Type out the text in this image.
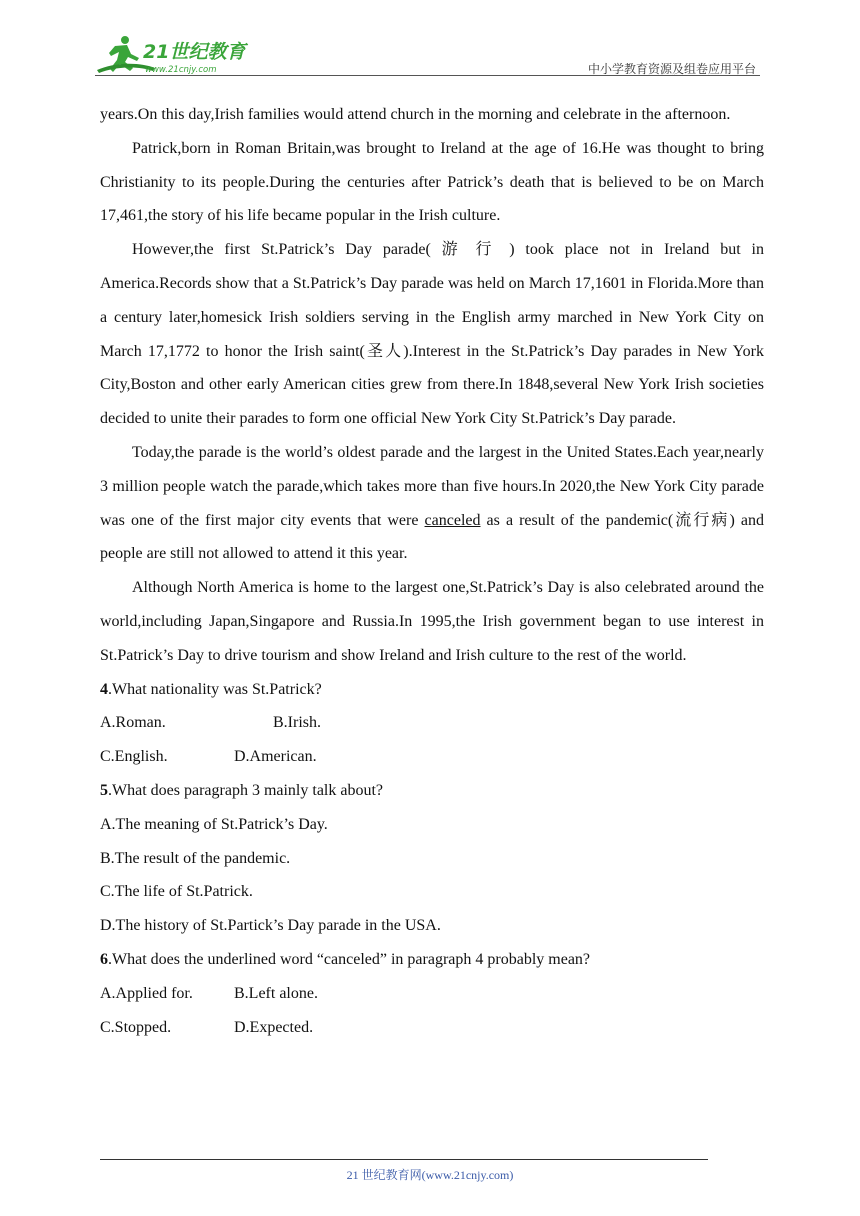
21世纪教育
www.21cnjy.com	中小学教育资源及组卷应用平台

years.On this day,Irish families would attend church in the morning and celebrate in the afternoon.

Patrick,born in Roman Britain,was brought to Ireland at the age of 16.He was thought to bring Christianity to its people.During the centuries after Patrick’s death that is believed to be on March 17,461,the story of his life became popular in the Irish culture.

However,the first St.Patrick’s Day parade( 游 行 ) took place not in Ireland but in America.Records show that a St.Patrick’s Day parade was held on March 17,1601 in Florida.More than a century later,homesick Irish soldiers serving in the English army marched in New York City on March 17,1772 to honor the Irish saint(圣人).Interest in the St.Patrick’s Day parades in New York City,Boston and other early American cities grew from there.In 1848,several New York Irish societies decided to unite their parades to form one official New York City St.Patrick’s Day parade.

Today,the parade is the world’s oldest parade and the largest in the United States.Each year,nearly 3 million people watch the parade,which takes more than five hours.In 2020,the New York City parade was one of the first major city events that were canceled as a result of the pandemic(流行病) and people are still not allowed to attend it this year.

Although North America is home to the largest one,St.Patrick’s Day is also celebrated around the world,including Japan,Singapore and Russia.In 1995,the Irish government began to use interest in St.Patrick’s Day to drive tourism and show Ireland and Irish culture to the rest of the world.

4.What nationality was St.Patrick?

A.Roman.	B.Irish.
C.English.	D.American.

5.What does paragraph 3 mainly talk about?

A.The meaning of St.Patrick’s Day.

B.The result of the pandemic.

C.The life of St.Patrick.

D.The history of St.Partick’s Day parade in the USA.

6.What does the underlined word “canceled” in paragraph 4 probably mean?

A.Applied for.	B.Left alone.
C.Stopped.	D.Expected.
21 世纪教育网(www.21cnjy.com)
